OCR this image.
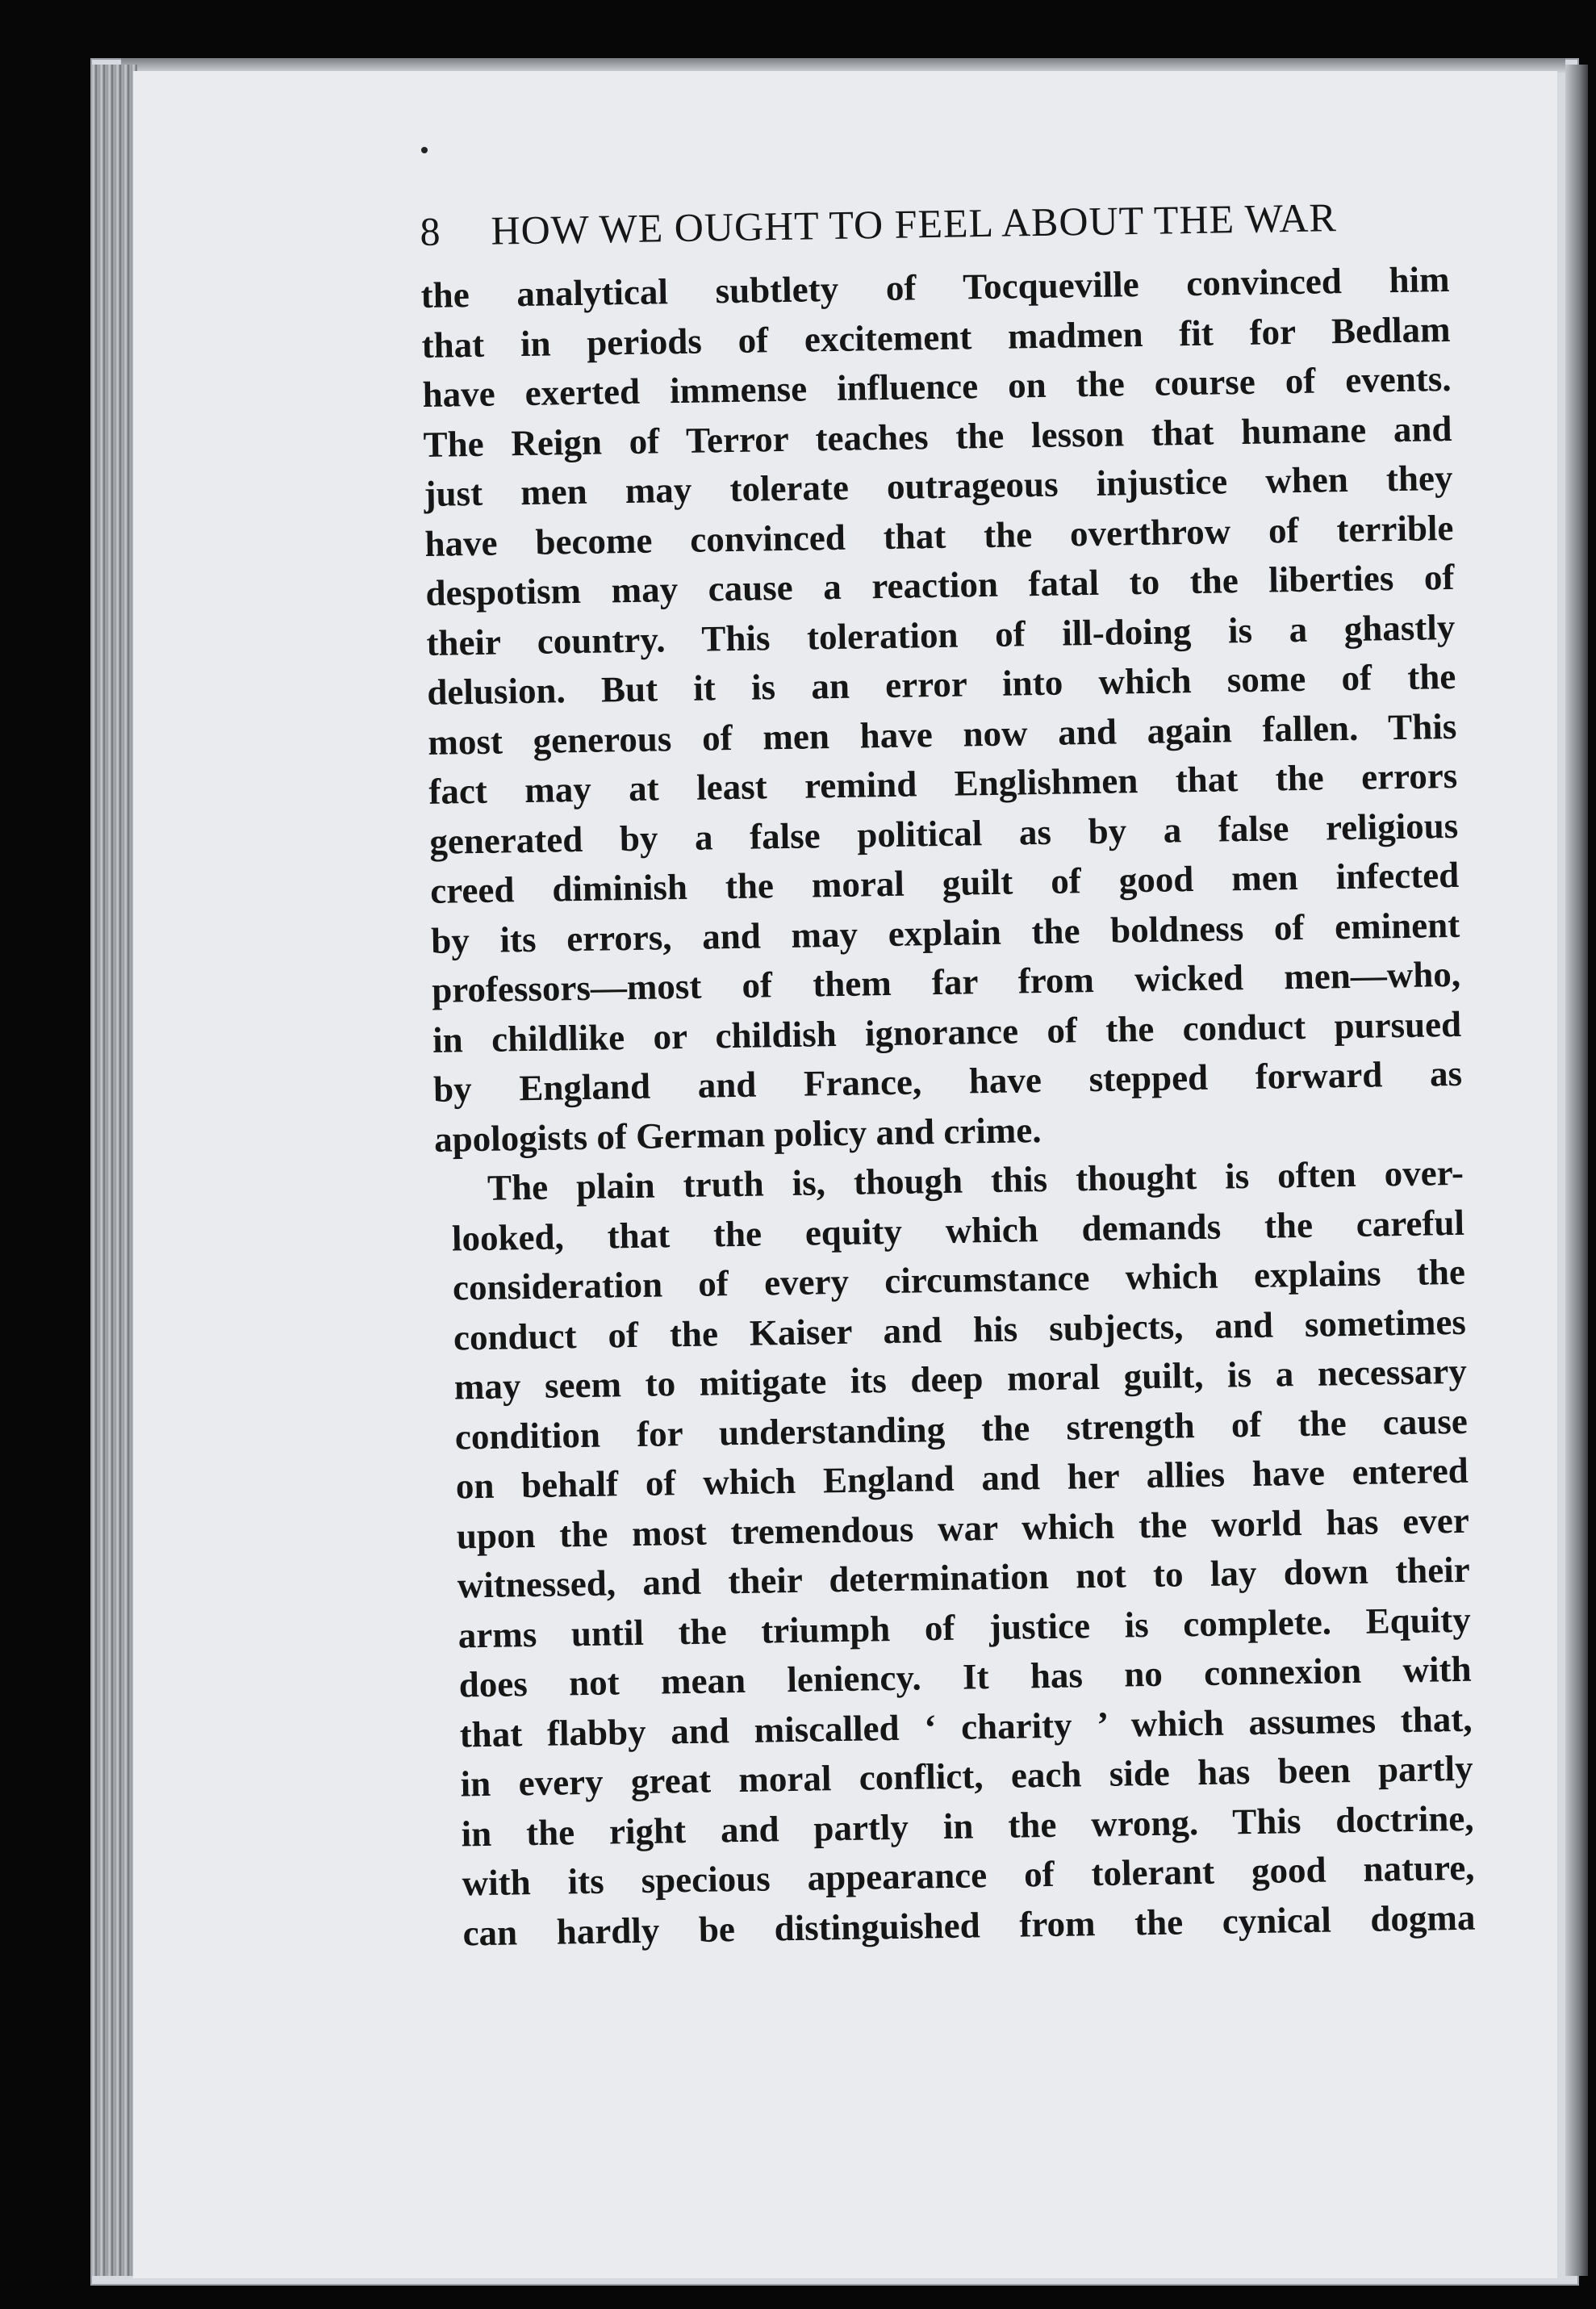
8	HOW WE OUGHT TO FEEL ABOUT THE WAR
the analytical subtlety of Tocqueville convinced him
that in periods of excitement madmen fit for Bedlam
have exerted immense influence on the course of events.
The Reign of Terror teaches the lesson that humane and
just men may tolerate outrageous injustice when they
have become convinced that the overthrow of terrible
despotism may cause a reaction fatal to the liberties of
their country. This toleration of ill-doing is a ghastly
delusion. But it is an error into which some of the
most generous of men have now and again fallen. This
fact may at least remind Englishmen that the errors
generated by a false political as by a false religious
creed diminish the moral guilt of good men infected
by its errors, and may explain the boldness of eminent
professors—most of them far from wicked men—who,
in childlike or childish ignorance of the conduct pursued
by England and France, have stepped forward as
apologists of German policy and crime.
The plain truth is, though this thought is often over-
looked, that the equity which demands the careful
consideration of every circumstance which explains the
conduct of the Kaiser and his subjects, and sometimes
may seem to mitigate its deep moral guilt, is a necessary
condition for understanding the strength of the cause
on behalf of which England and her allies have entered
upon the most tremendous war which the world has ever
witnessed, and their determination not to lay down their
arms until the triumph of justice is complete. Equity
does not mean leniency. It has no connexion with
that flabby and miscalled ‘ charity ’ which assumes that,
in every great moral conflict, each side has been partly
in the right and partly in the wrong. This doctrine,
with its specious appearance of tolerant good nature,
can hardly be distinguished from the cynical dogma
